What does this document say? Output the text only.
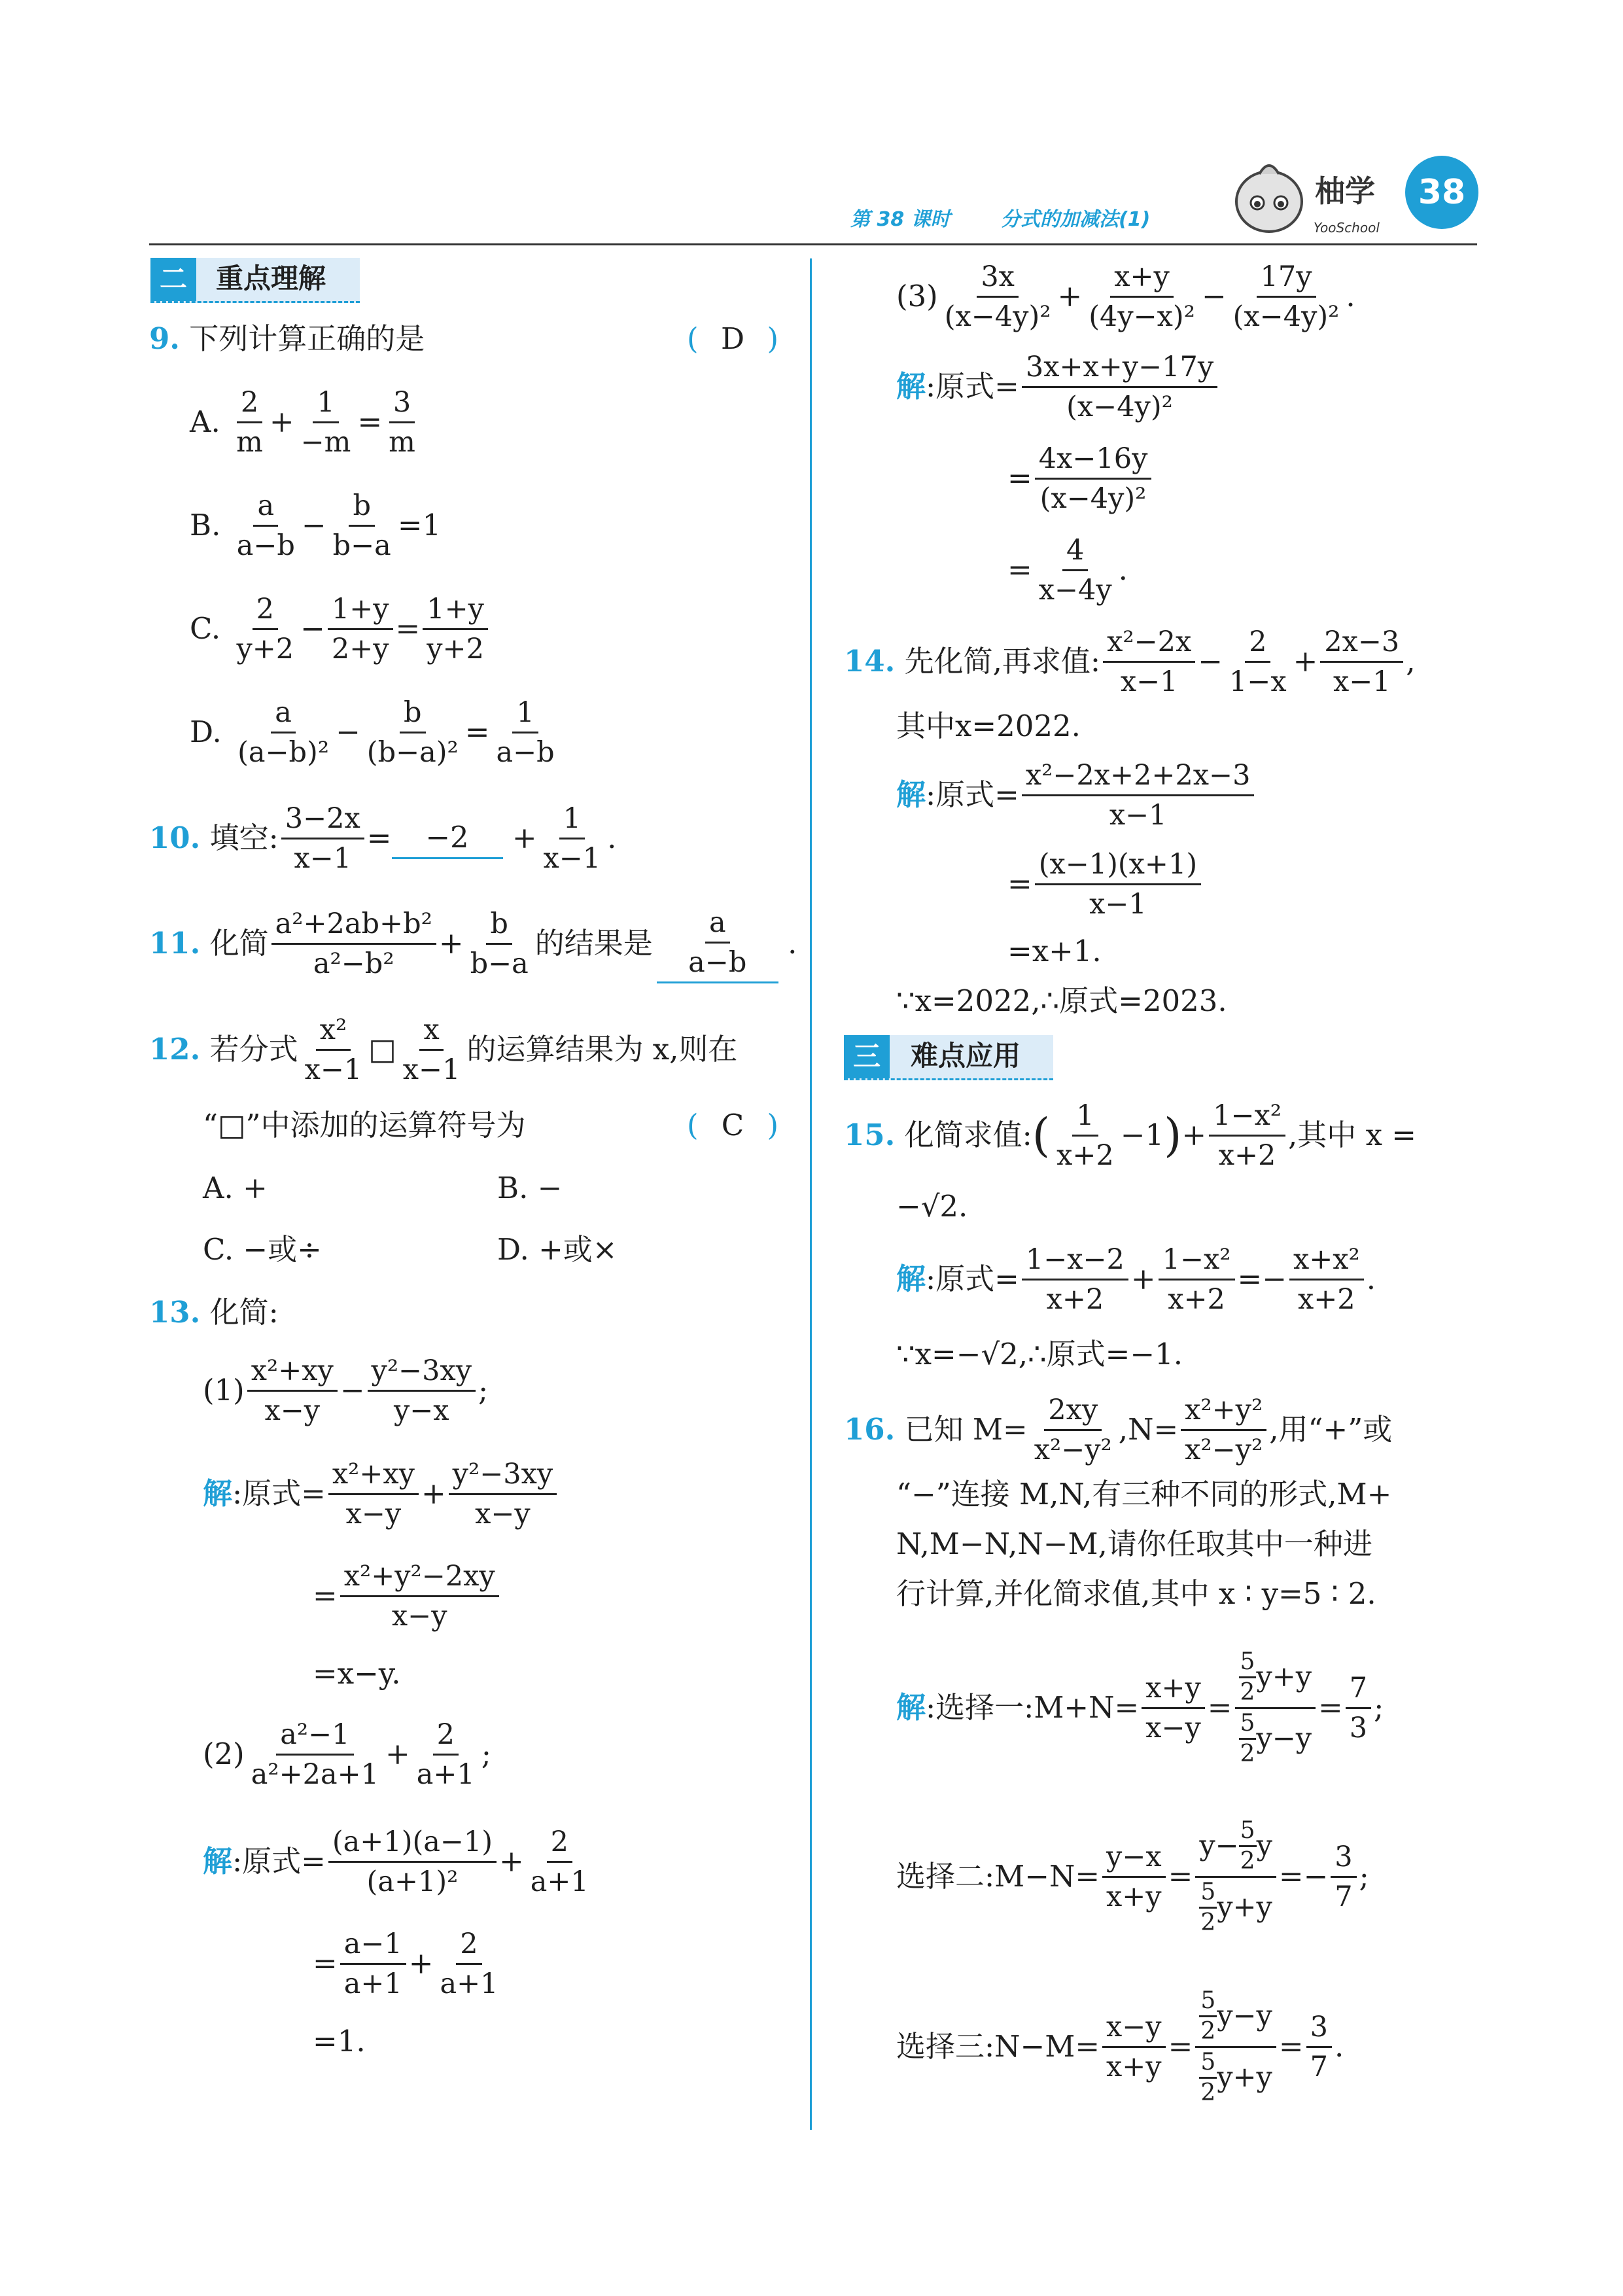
第 38 课时	分式的加减法(1)
柚学
YooSchool
38
二	重点理解
9. 下列计算正确的是	( D )
A.
$\frac{2}{m} + \frac{1}{-m} = \frac{3}{m}$
B.
$\frac{a}{a-b} - \frac{b}{b-a} =1$
C.
$\frac{2}{y+2} - \frac{1+y}{2+y} = \frac{1+y}{y+2}$
D.
$\frac{a}{\text{(a−b)²}} - \frac{b}{\text{(b−a)²}} = \frac{1}{a-b}$
10.
填空: $\frac{3-2x}{x-1}$ =	−2
	+ $\frac{1}{x-1}$ .
11.
化简 $\frac{\text{a²+2ab+b²}}{\text{a²−b²}} + \frac{b}{b-a}$ 的结果是 $\frac{a}{a-b}$
.
12.
若分式 $\frac{\text{x²}}{x-1}$ □ $\frac{x}{x-1}$ 的运算结果为 x,则在
“□”中添加的运算符号为	( C )
A. +	B. −
C. −或÷	D. +或×
13. 化简:
$(1) \frac{\text{x²+xy}}{x-y} - \frac{\text{y²−3xy}}{y-x}$ ;
解 :原式= $\frac{\text{x²+xy}}{x-y} + \frac{\text{y²−3xy}}{x-y}$
= $\frac{\text{x²+y²−2xy}}{x-y}$
=x−y.
$(2) \frac{\text{a²−1}}{\text{a²+2a+1}} + \frac{2}{a+1}$ ;
解 :原式= $\frac{(a+1)(a-1)}{\text{(a+1)²}} + \frac{2}{a+1}$
= $\frac{a-1}{a+1} + \frac{2}{a+1}$
=1.
$(3) \frac{3x}{\text{(x−4y)²}} + \frac{x+y}{\text{(4y−x)²}} - \frac{17y}{\text{(x−4y)²}}$ .
解 :原式= $\frac{3x+x+y-17y}{\text{(x−4y)²}}$
= $\frac{4x-16y}{\text{(x−4y)²}}$
= $\frac{4}{x-4y}$ .
14.
先化简,再求值: $\frac{\text{x²−2x}}{x-1} - \frac{2}{1-x} + \frac{2x-3}{x-1}$ ,
其中x=2022.
解 :原式= $\frac{\text{x²−2x+2+2x−3}}{x-1}$
= $\frac{(x-1)(x+1)}{x-1}$
=x+1.
∵x=2022,∴原式=2023.
三	难点应用
15.
化简求值: ( $\frac{1}{x+2} -1$ ) + $\frac{\text{1−x²}}{x+2}$ ,其中 x =
−√2.
解 :原式= $\frac{1-x-2}{x+2} + \frac{\text{1−x²}}{x+2} =- \frac{\text{x+x²}}{x+2}$ .
∵x=−√2,∴原式=−1.
16.
已知 $M= \frac{2xy}{\text{x²−y²}} ,N= \frac{\text{x²+y²}}{\text{x²−y²}}$ ,用“+”或
“−”连接 M,N,有三种不同的形式,M+
N,M−N,N−M,请你任取其中一种进
行计算,并化简求值,其中 x ∶ y=5 ∶ 2.
解 :选择一:M+N= $\frac{x+y}{x-y} = \frac{\frac{5}{2} y+y}{\frac{5}{2} y-y} = \frac{7}{3}$ ;
选择二:M−N= $\frac{y-x}{x+y} = \frac{y- \frac{5}{2} y}{\frac{5}{2} y+y} =- \frac{3}{7}$ ;
选择三:N−M= $\frac{x-y}{x+y} = \frac{\frac{5}{2} y-y}{\frac{5}{2} y+y} = \frac{3}{7}$ .
